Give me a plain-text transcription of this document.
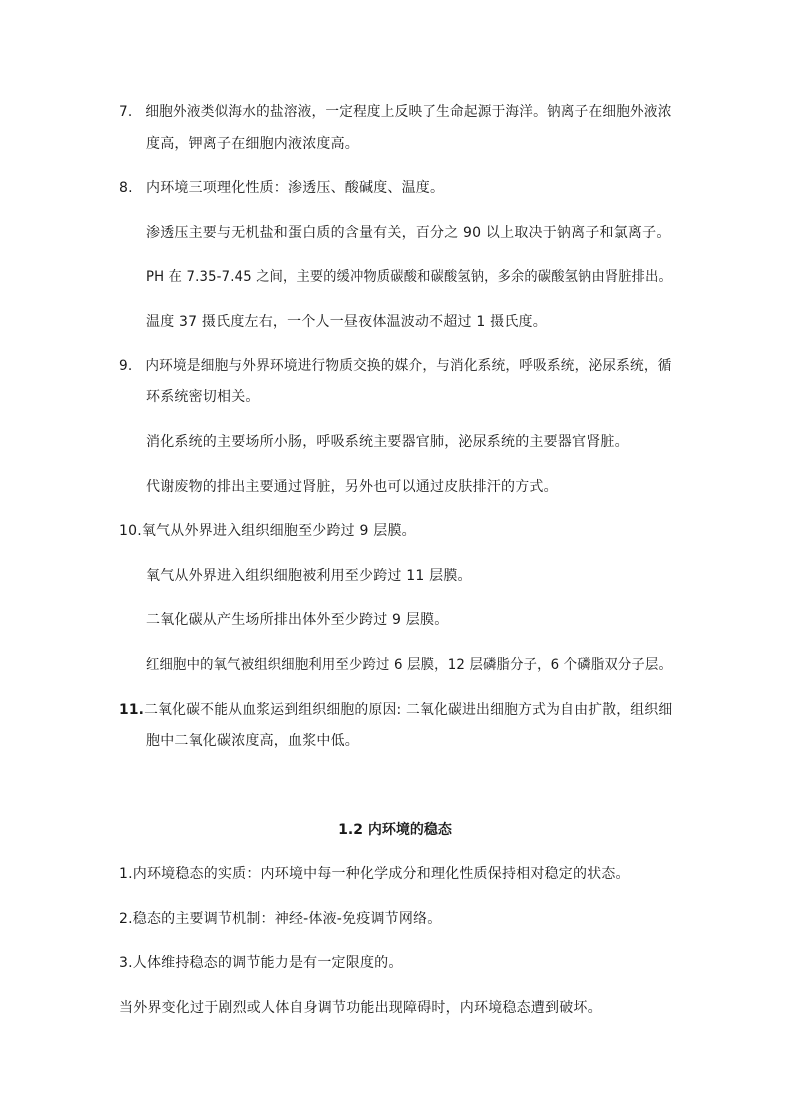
7. 细胞外液类似海水的盐溶液，一定程度上反映了生命起源于海洋。钠离子在细胞外液浓
度高，钾离子在细胞内液浓度高。
8. 内环境三项理化性质：渗透压、酸碱度、温度。
渗透压主要与无机盐和蛋白质的含量有关，百分之 90 以上取决于钠离子和氯离子。
PH 在 7.35-7.45 之间，主要的缓冲物质碳酸和碳酸氢钠，多余的碳酸氢钠由肾脏排出。
温度 37 摄氏度左右，一个人一昼夜体温波动不超过 1 摄氏度。
9. 内环境是细胞与外界环境进行物质交换的媒介，与消化系统，呼吸系统，泌尿系统，循
环系统密切相关。
消化系统的主要场所小肠，呼吸系统主要器官肺，泌尿系统的主要器官肾脏。
代谢废物的排出主要通过肾脏，另外也可以通过皮肤排汗的方式。
10.氧气从外界进入组织细胞至少跨过 9 层膜。
氧气从外界进入组织细胞被利用至少跨过 11 层膜。
二氧化碳从产生场所排出体外至少跨过 9 层膜。
红细胞中的氧气被组织细胞利用至少跨过 6 层膜，12 层磷脂分子，6 个磷脂双分子层。
11.二氧化碳不能从血浆运到组织细胞的原因: 二氧化碳进出细胞方式为自由扩散，组织细
胞中二氧化碳浓度高，血浆中低。
1.2 内环境的稳态
1.内环境稳态的实质：内环境中每一种化学成分和理化性质保持相对稳定的状态。
2.稳态的主要调节机制：神经-体液-免疫调节网络。
3.人体维持稳态的调节能力是有一定限度的。
当外界变化过于剧烈或人体自身调节功能出现障碍时，内环境稳态遭到破坏。
